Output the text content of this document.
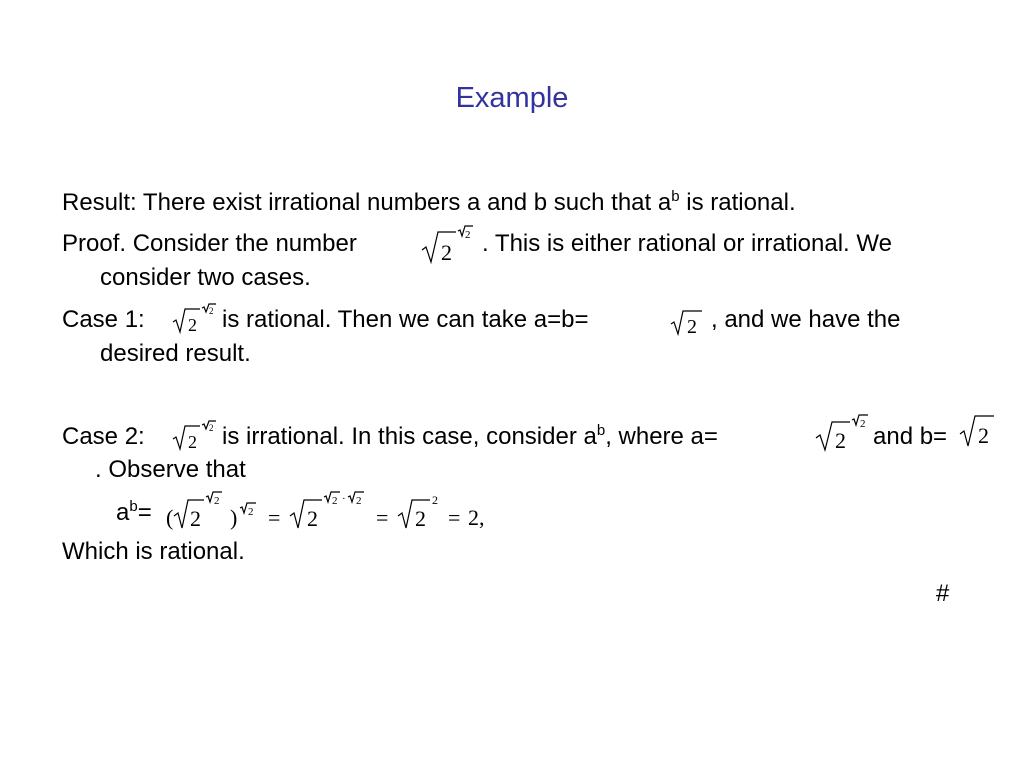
Example
Result: There exist irrational numbers a and b such that $a^b$ is rational.
Proof. Consider the number	2
2 . This is either rational or irrational. We
consider two cases.
Case 1: 2
2 is rational. Then we can take a=b=	2 , and we have the
desired result.
Case 2: 2
2 is irrational. In this case, consider $a^b$, where a=	2
2 and b= 2
. Observe that
$a^b=$ ( 2
2
) 2 = 2
2 · 2
= 2
2
= 2,
Which is rational.
#
